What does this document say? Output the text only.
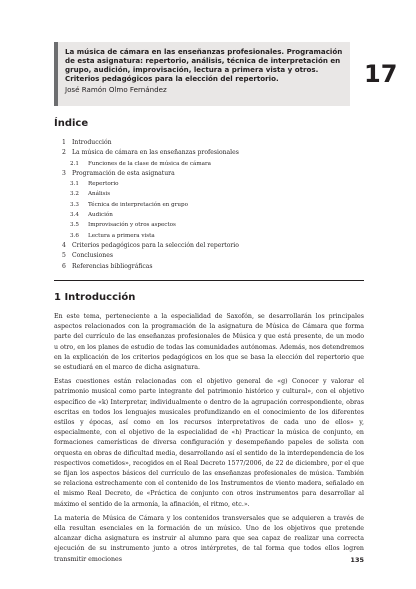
La música de cámara en las enseñanzas profesionales. Programación de esta asignatura: repertorio, análisis, técnica de interpretación en grupo, audición, improvisación, lectura a primera vista y otros. Criterios pedagógicos para la elección del repertorio.

José Ramón Olmo Fernández
17
Índice
1	Introducción
2	La música de cámara en las enseñanzas profesionales
2.1	Funciones de la clase de música de cámara
3	Programación de esta asignatura
3.1	Repertorio
3.2	Análisis
3.3	Técnica de interpretación en grupo
3.4	Audición
3.5	Improvisación y otros aspectos
3.6	Lectura a primera vista
4	Criterios pedagógicos para la selección del repertorio
5	Conclusiones
6	Referencias bibliográficas
1 Introducción

En este tema, perteneciente a la especialidad de Saxofón, se desarrollarán los principales aspectos relacionados con la programación de la asignatura de Música de Cámara que forma parte del currículo de las enseñanzas profesionales de Música y que está presente, de un modo u otro, en los planes de estudio de todas las comunidades autónomas. Además, nos detendremos en la explicación de los criterios pedagógicos en los que se basa la elección del repertorio que se estudiará en el marco de dicha asignatura.

Estas cuestiones están relacionadas con el objetivo general de «g) Conocer y valorar el patrimonio musical como parte integrante del patrimonio histórico y cultural», con el objetivo específico de «k) Interpretar, individualmente o dentro de la agrupación correspondiente, obras escritas en todos los lenguajes musicales profundizando en el conocimiento de los diferentes estilos y épocas, así como en los recursos interpretativos de cada uno de ellos» y, especialmente, con el objetivo de la especialidad de «h) Practicar la música de conjunto, en formaciones camerísticas de diversa configuración y desempeñando papeles de solista con orquesta en obras de dificultad media, desarrollando así el sentido de la interdependencia de los respectivos cometidos», recogidos en el Real Decreto 1577/2006, de 22 de diciembre, por el que se fijan los aspectos básicos del currículo de las enseñanzas profesionales de música. También se relaciona estrechamente con el contenido de los Instrumentos de viento madera, señalado en el mismo Real Decreto, de «Práctica de conjunto con otros instrumentos para desarrollar al máximo el sentido de la armonía, la afinación, el ritmo, etc.».

La materia de Música de Cámara y los contenidos transversales que se adquieren a través de ella resultan esenciales en la formación de un músico. Uno de los objetivos que pretende alcanzar dicha asignatura es instruir al alumno para que sea capaz de realizar una correcta ejecución de su instrumento junto a otros intérpretes, de tal forma que todos ellos logren transmitir emociones	135
